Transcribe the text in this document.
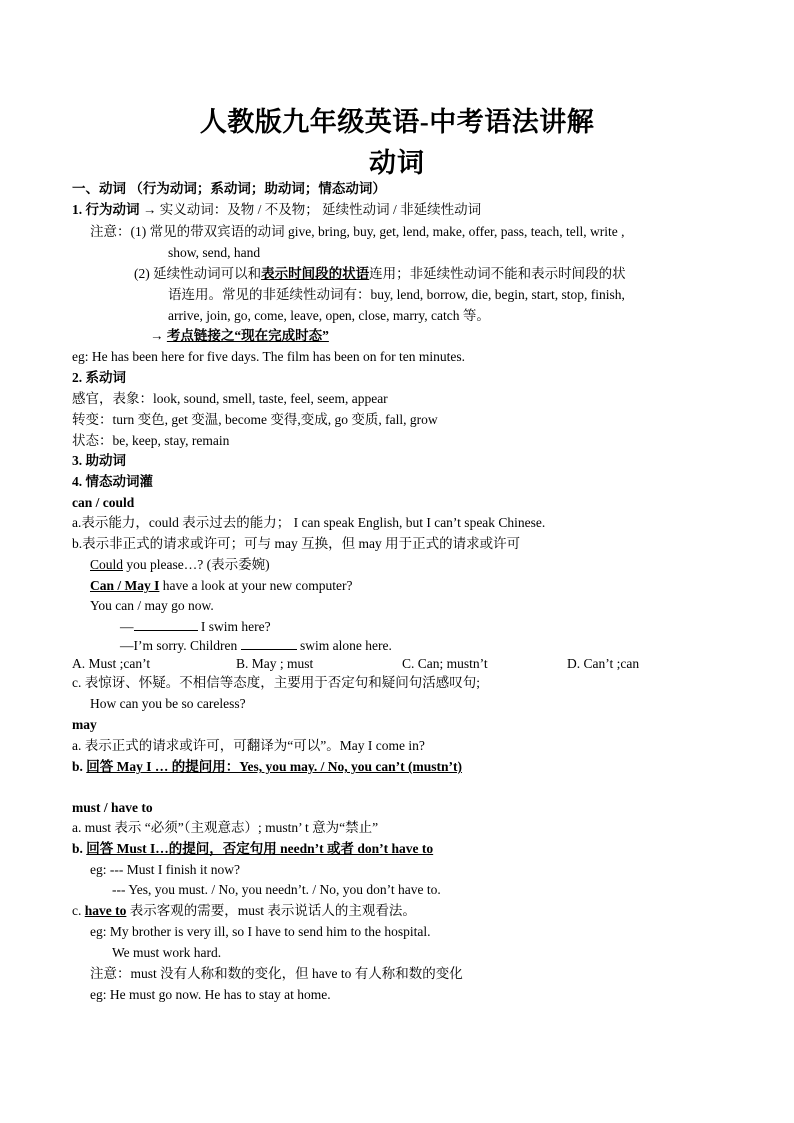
人教版九年级英语-中考语法讲解
动词
一、动词 （行为动词；系动词；助动词；情态动词）
1. 行为动词 → 实义动词：及物 / 不及物； 延续性动词 / 非延续性动词
注意：(1) 常见的带双宾语的动词 give, bring, buy, get, lend, make, offer, pass, teach, tell, write ,
show, send, hand
(2) 延续性动词可以和表示时间段的状语连用；非延续性动词不能和表示时间段的状
语连用。常见的非延续性动词有：buy, lend, borrow, die, begin, start, stop, finish,
arrive, join, go, come, leave, open, close, marry, catch 等。
→ 考点链接之“现在完成时态”
eg: He has been here for five days. The film has been on for ten minutes.
2. 系动词
感官，表象：look, sound, smell, taste, feel, seem, appear
转变：turn 变色, get 变温, become 变得,变成, go 变质, fall, grow
状态：be, keep, stay, remain
3. 助动词
4. 情态动词灌
can / could
a.表示能力，could 表示过去的能力； I can speak English, but I can’t speak Chinese.
b.表示非正式的请求或许可；可与 may 互换，但 may 用于正式的请求或许可
Could you please…? (表示委婉)
Can / May I have a look at your new computer?
You can / may go now.
—	I swim here?
—I’m sorry. Children	swim alone here.
A. Must ;can’t	B. May ; must	C. Can; mustn’t	D. Can’t ;can
c. 表惊讶、怀疑。不相信等态度，主要用于否定句和疑问句活感叹句;
How can you be so careless?
may
a. 表示正式的请求或许可，可翻译为“可以”。May I come in?
b. 回答 May I … 的提问用：Yes, you may. / No, you can’t (mustn’t)
must / have to
a. must 表示 “必须”（主观意志）; mustn’ t 意为“禁止”
b. 回答 Must I…的提问，否定句用 needn’t 或者 don’t have to
eg: --- Must I finish it now?
--- Yes, you must. / No, you needn’t. / No, you don’t have to.
c. have to 表示客观的需要，must 表示说话人的主观看法。
eg: My brother is very ill, so I have to send him to the hospital.
We must work hard.
注意：must 没有人称和数的变化，但 have to 有人称和数的变化
eg: He must go now. He has to stay at home.
